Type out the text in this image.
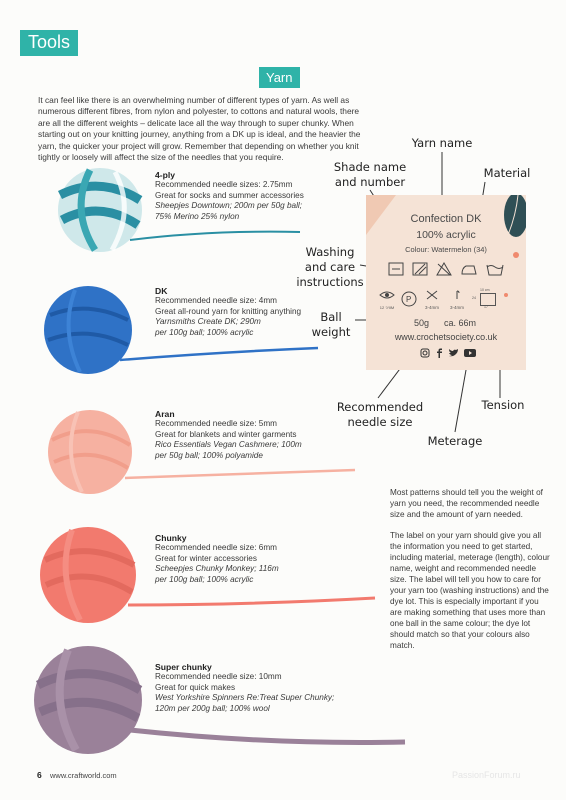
Tools
Yarn
It can feel like there is an overwhelming number of different types of yarn. As well as numerous different fibres, from nylon and polyester, to cottons and natural wools, there are all the different weights – delicate lace all the way through to super chunky. When starting out on your knitting journey, anything from a DK up is ideal, and the heavier the yarn, the quicker your project will grow. Remember that depending on whether you knit tightly or loosely will affect the size of the needles that you require.
4-ply
Recommended needle sizes: 2.75mm
Great for socks and summer accessories
Sheepjes Downtown; 200m per 50g ball;
75% Merino 25% nylon
DK
Recommended needle size: 4mm
Great all-round yarn for knitting anything
Yarnsmiths Create DK; 290m
per 100g ball; 100% acrylic
Aran
Recommended needle size: 5mm
Great for blankets and winter garments
Rico Essentials Vegan Cashmere; 100m
per 50g ball; 100% polyamide
Chunky
Recommended needle size: 6mm
Great for winter accessories
Scheepjes Chunky Monkey; 116m
per 100g ball; 100% acrylic
Super chunky
Recommended needle size: 10mm
Great for quick makes
West Yorkshire Spinners Re:Treat Super Chunky;
120m per 200g ball; 100% wool
Confection DK
100% acrylic
Colour: Watermelon (34)
12 ?/IIM
P
3-4mm	3-4mm
10 cm
24
17
50g ca. 66m
www.crochetsociety.co.uk
Yarn name
Shade name
and number
Material
Washing
and care
instructions
Ball
weight
Recommended
needle size
Tension
Meterage

Most patterns should tell you the weight of yarn you need, the recommended needle size and the amount of yarn needed.

The label on your yarn should give you all the information you need to get started, including material, meterage (length), colour name, weight and recommended needle size. The label will tell you how to care for your yarn too (washing instructions) and the dye lot. This is especially important if you are making something that uses more than one ball in the same colour; the dye lot should match so that your colours also match.

6 www.craftworld.com	PassionForum.ru
